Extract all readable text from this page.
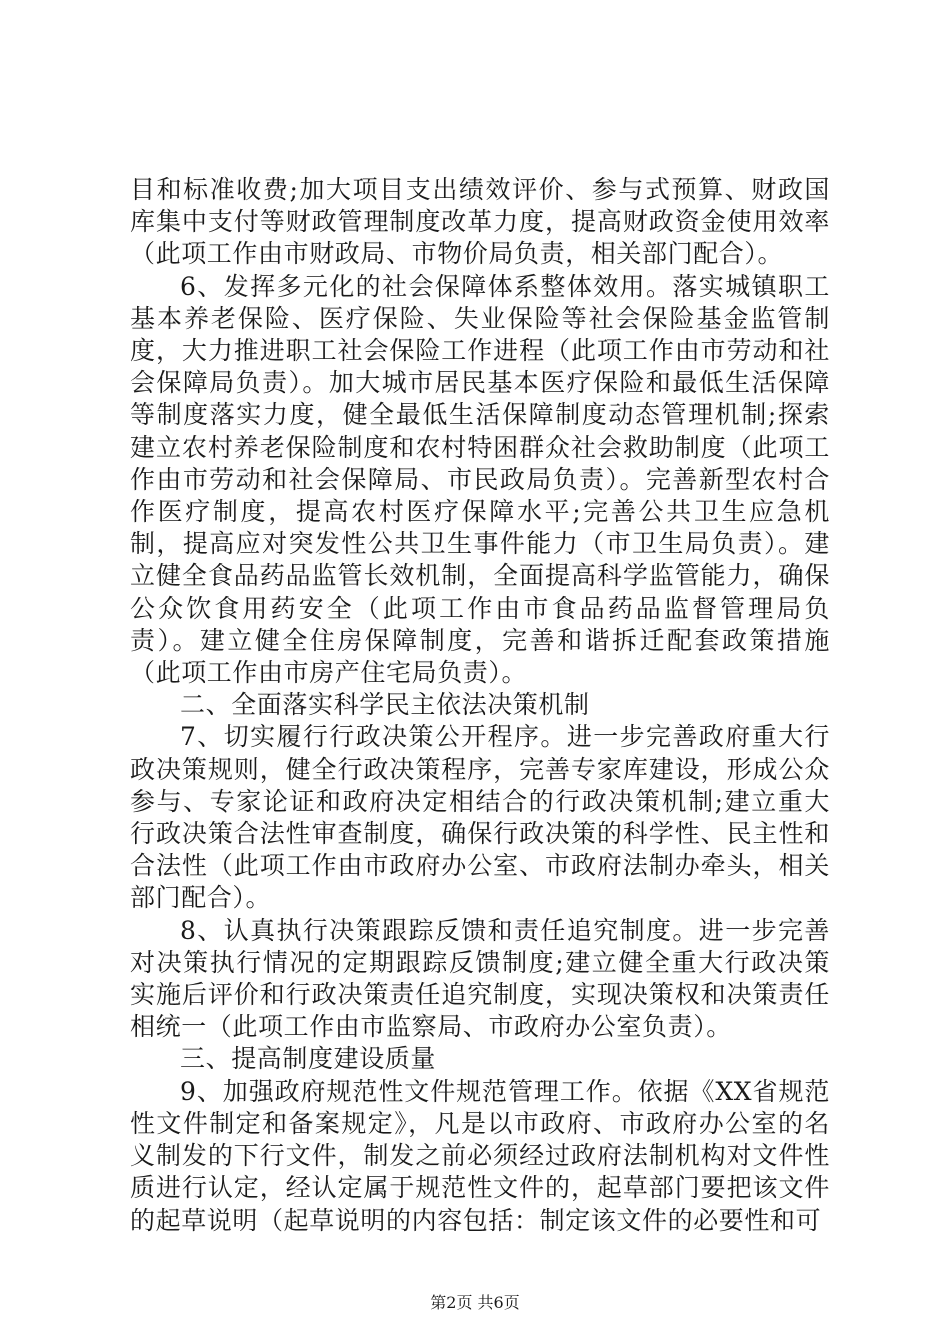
目和标准收费;加大项目支出绩效评价、参与式预算、财政国库集中支付等财政管理制度改革力度，提高财政资金使用效率（此项工作由市财政局、市物价局负责，相关部门配合）。

6、发挥多元化的社会保障体系整体效用。落实城镇职工基本养老保险、医疗保险、失业保险等社会保险基金监管制度，大力推进职工社会保险工作进程（此项工作由市劳动和社会保障局负责）。加大城市居民基本医疗保险和最低生活保障等制度落实力度，健全最低生活保障制度动态管理机制;探索建立农村养老保险制度和农村特困群众社会救助制度（此项工作由市劳动和社会保障局、市民政局负责）。完善新型农村合作医疗制度，提高农村医疗保障水平;完善公共卫生应急机制，提高应对突发性公共卫生事件能力（市卫生局负责）。建立健全食品药品监管长效机制，全面提高科学监管能力，确保公众饮食用药安全（此项工作由市食品药品监督管理局负责）。建立健全住房保障制度，完善和谐拆迁配套政策措施（此项工作由市房产住宅局负责）。

二、全面落实科学民主依法决策机制

7、切实履行行政决策公开程序。进一步完善政府重大行政决策规则，健全行政决策程序，完善专家库建设，形成公众参与、专家论证和政府决定相结合的行政决策机制;建立重大行政决策合法性审查制度，确保行政决策的科学性、民主性和合法性（此项工作由市政府办公室、市政府法制办牵头，相关部门配合）。

8、认真执行决策跟踪反馈和责任追究制度。进一步完善对决策执行情况的定期跟踪反馈制度;建立健全重大行政决策实施后评价和行政决策责任追究制度，实现决策权和决策责任相统一（此项工作由市监察局、市政府办公室负责）。

三、提高制度建设质量

9、加强政府规范性文件规范管理工作。依据《XX省规范性文件制定和备案规定》，凡是以市政府、市政府办公室的名义制发的下行文件，制发之前必须经过政府法制机构对文件性质进行认定，经认定属于规范性文件的，起草部门要把该文件的起草说明（起草说明的内容包括：制定该文件的必要性和可

第2页 共6页
